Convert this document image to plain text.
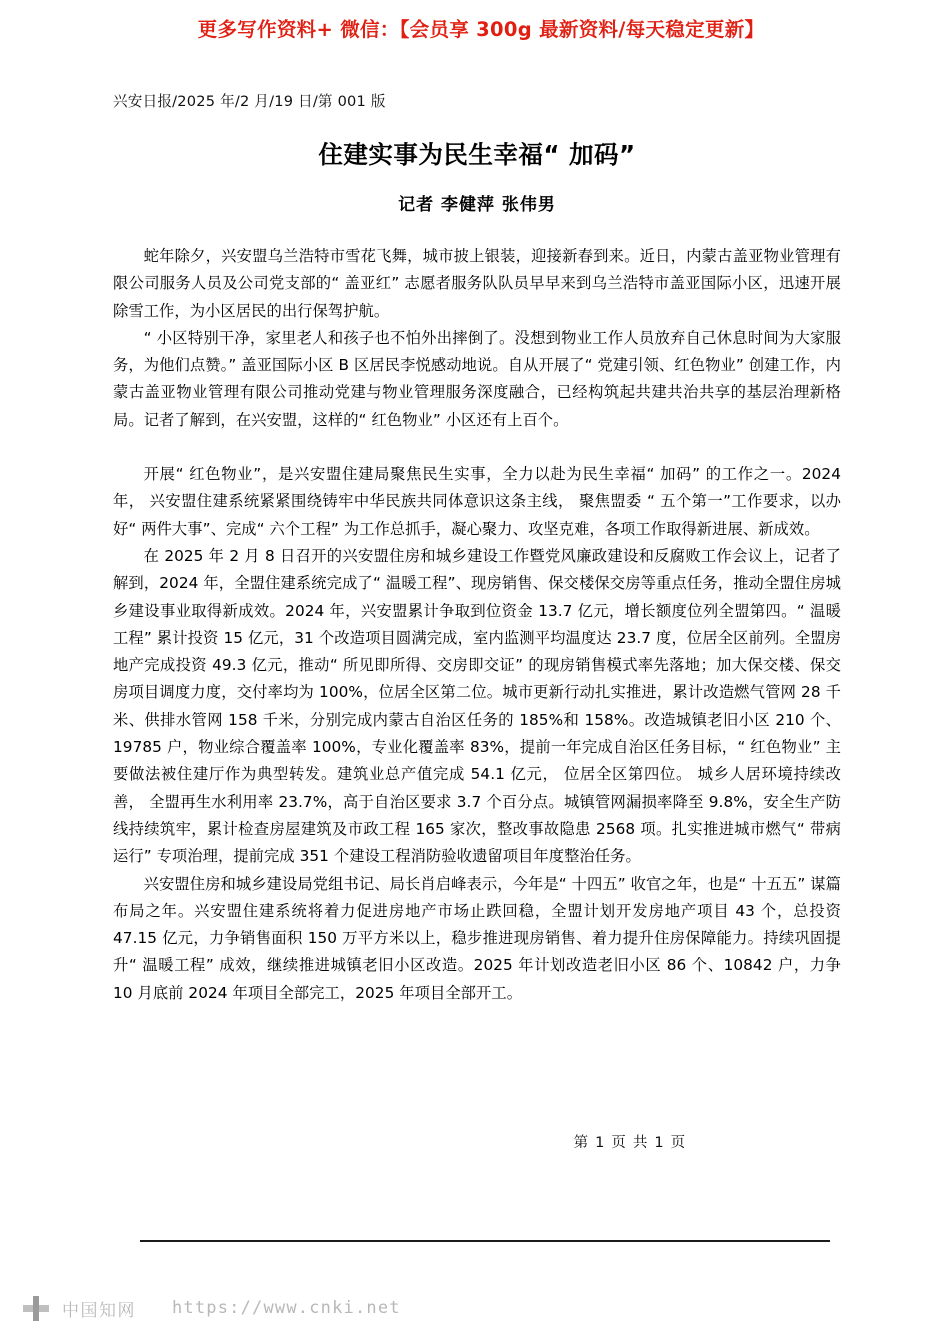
更多写作资料+ 微信：【会员享 300g 最新资料/每天稳定更新】
兴安日报/2025 年/2 月/19 日/第 001 版
住建实事为民生幸福“ 加码”
记者 李健萍 张伟男

蛇年除夕，兴安盟乌兰浩特市雪花飞舞，城市披上银装，迎接新春到来。近日，内蒙古盖亚物业管理有限公司服务人员及公司党支部的“ 盖亚红” 志愿者服务队队员早早来到乌兰浩特市盖亚国际小区，迅速开展除雪工作，为小区居民的出行保驾护航。

“ 小区特别干净，家里老人和孩子也不怕外出摔倒了。没想到物业工作人员放弃自己休息时间为大家服务，为他们点赞。” 盖亚国际小区 B 区居民李悦感动地说。自从开展了“ 党建引领、红色物业” 创建工作，内蒙古盖亚物业管理有限公司推动党建与物业管理服务深度融合，已经构筑起共建共治共享的基层治理新格局。记者了解到，在兴安盟，这样的“ 红色物业” 小区还有上百个。

开展“ 红色物业”，是兴安盟住建局聚焦民生实事，全力以赴为民生幸福“ 加码” 的工作之一。2024 年， 兴安盟住建系统紧紧围绕铸牢中华民族共同体意识这条主线， 聚焦盟委 “ 五个第一”工作要求，以办好“ 两件大事”、完成“ 六个工程” 为工作总抓手，凝心聚力、攻坚克难，各项工作取得新进展、新成效。

在 2025 年 2 月 8 日召开的兴安盟住房和城乡建设工作暨党风廉政建设和反腐败工作会议上，记者了解到，2024 年，全盟住建系统完成了“ 温暖工程”、现房销售、保交楼保交房等重点任务，推动全盟住房城乡建设事业取得新成效。2024 年，兴安盟累计争取到位资金 13.7 亿元，增长额度位列全盟第四。“ 温暖工程” 累计投资 15 亿元，31 个改造项目圆满完成，室内监测平均温度达 23.7 度，位居全区前列。全盟房地产完成投资 49.3 亿元，推动“ 所见即所得、交房即交证” 的现房销售模式率先落地；加大保交楼、保交房项目调度力度，交付率均为 100%，位居全区第二位。城市更新行动扎实推进，累计改造燃气管网 28 千米、供排水管网 158 千米，分别完成内蒙古自治区任务的 185%和 158%。改造城镇老旧小区 210 个、19785 户，物业综合覆盖率 100%，专业化覆盖率 83%，提前一年完成自治区任务目标，“ 红色物业” 主要做法被住建厅作为典型转发。建筑业总产值完成 54.1 亿元， 位居全区第四位。 城乡人居环境持续改善， 全盟再生水利用率 23.7%，高于自治区要求 3.7 个百分点。城镇管网漏损率降至 9.8%，安全生产防线持续筑牢，累计检查房屋建筑及市政工程 165 家次，整改事故隐患 2568 项。扎实推进城市燃气“ 带病运行” 专项治理，提前完成 351 个建设工程消防验收遗留项目年度整治任务。

兴安盟住房和城乡建设局党组书记、局长肖启峰表示，今年是“ 十四五” 收官之年，也是“ 十五五” 谋篇布局之年。兴安盟住建系统将着力促进房地产市场止跌回稳，全盟计划开发房地产项目 43 个，总投资 47.15 亿元，力争销售面积 150 万平方米以上，稳步推进现房销售、着力提升住房保障能力。持续巩固提升“ 温暖工程” 成效，继续推进城镇老旧小区改造。2025 年计划改造老旧小区 86 个、10842 户，力争 10 月底前 2024 年项目全部完工，2025 年项目全部开工。

第 1 页 共 1 页
中国知网 https://www.cnki.net
